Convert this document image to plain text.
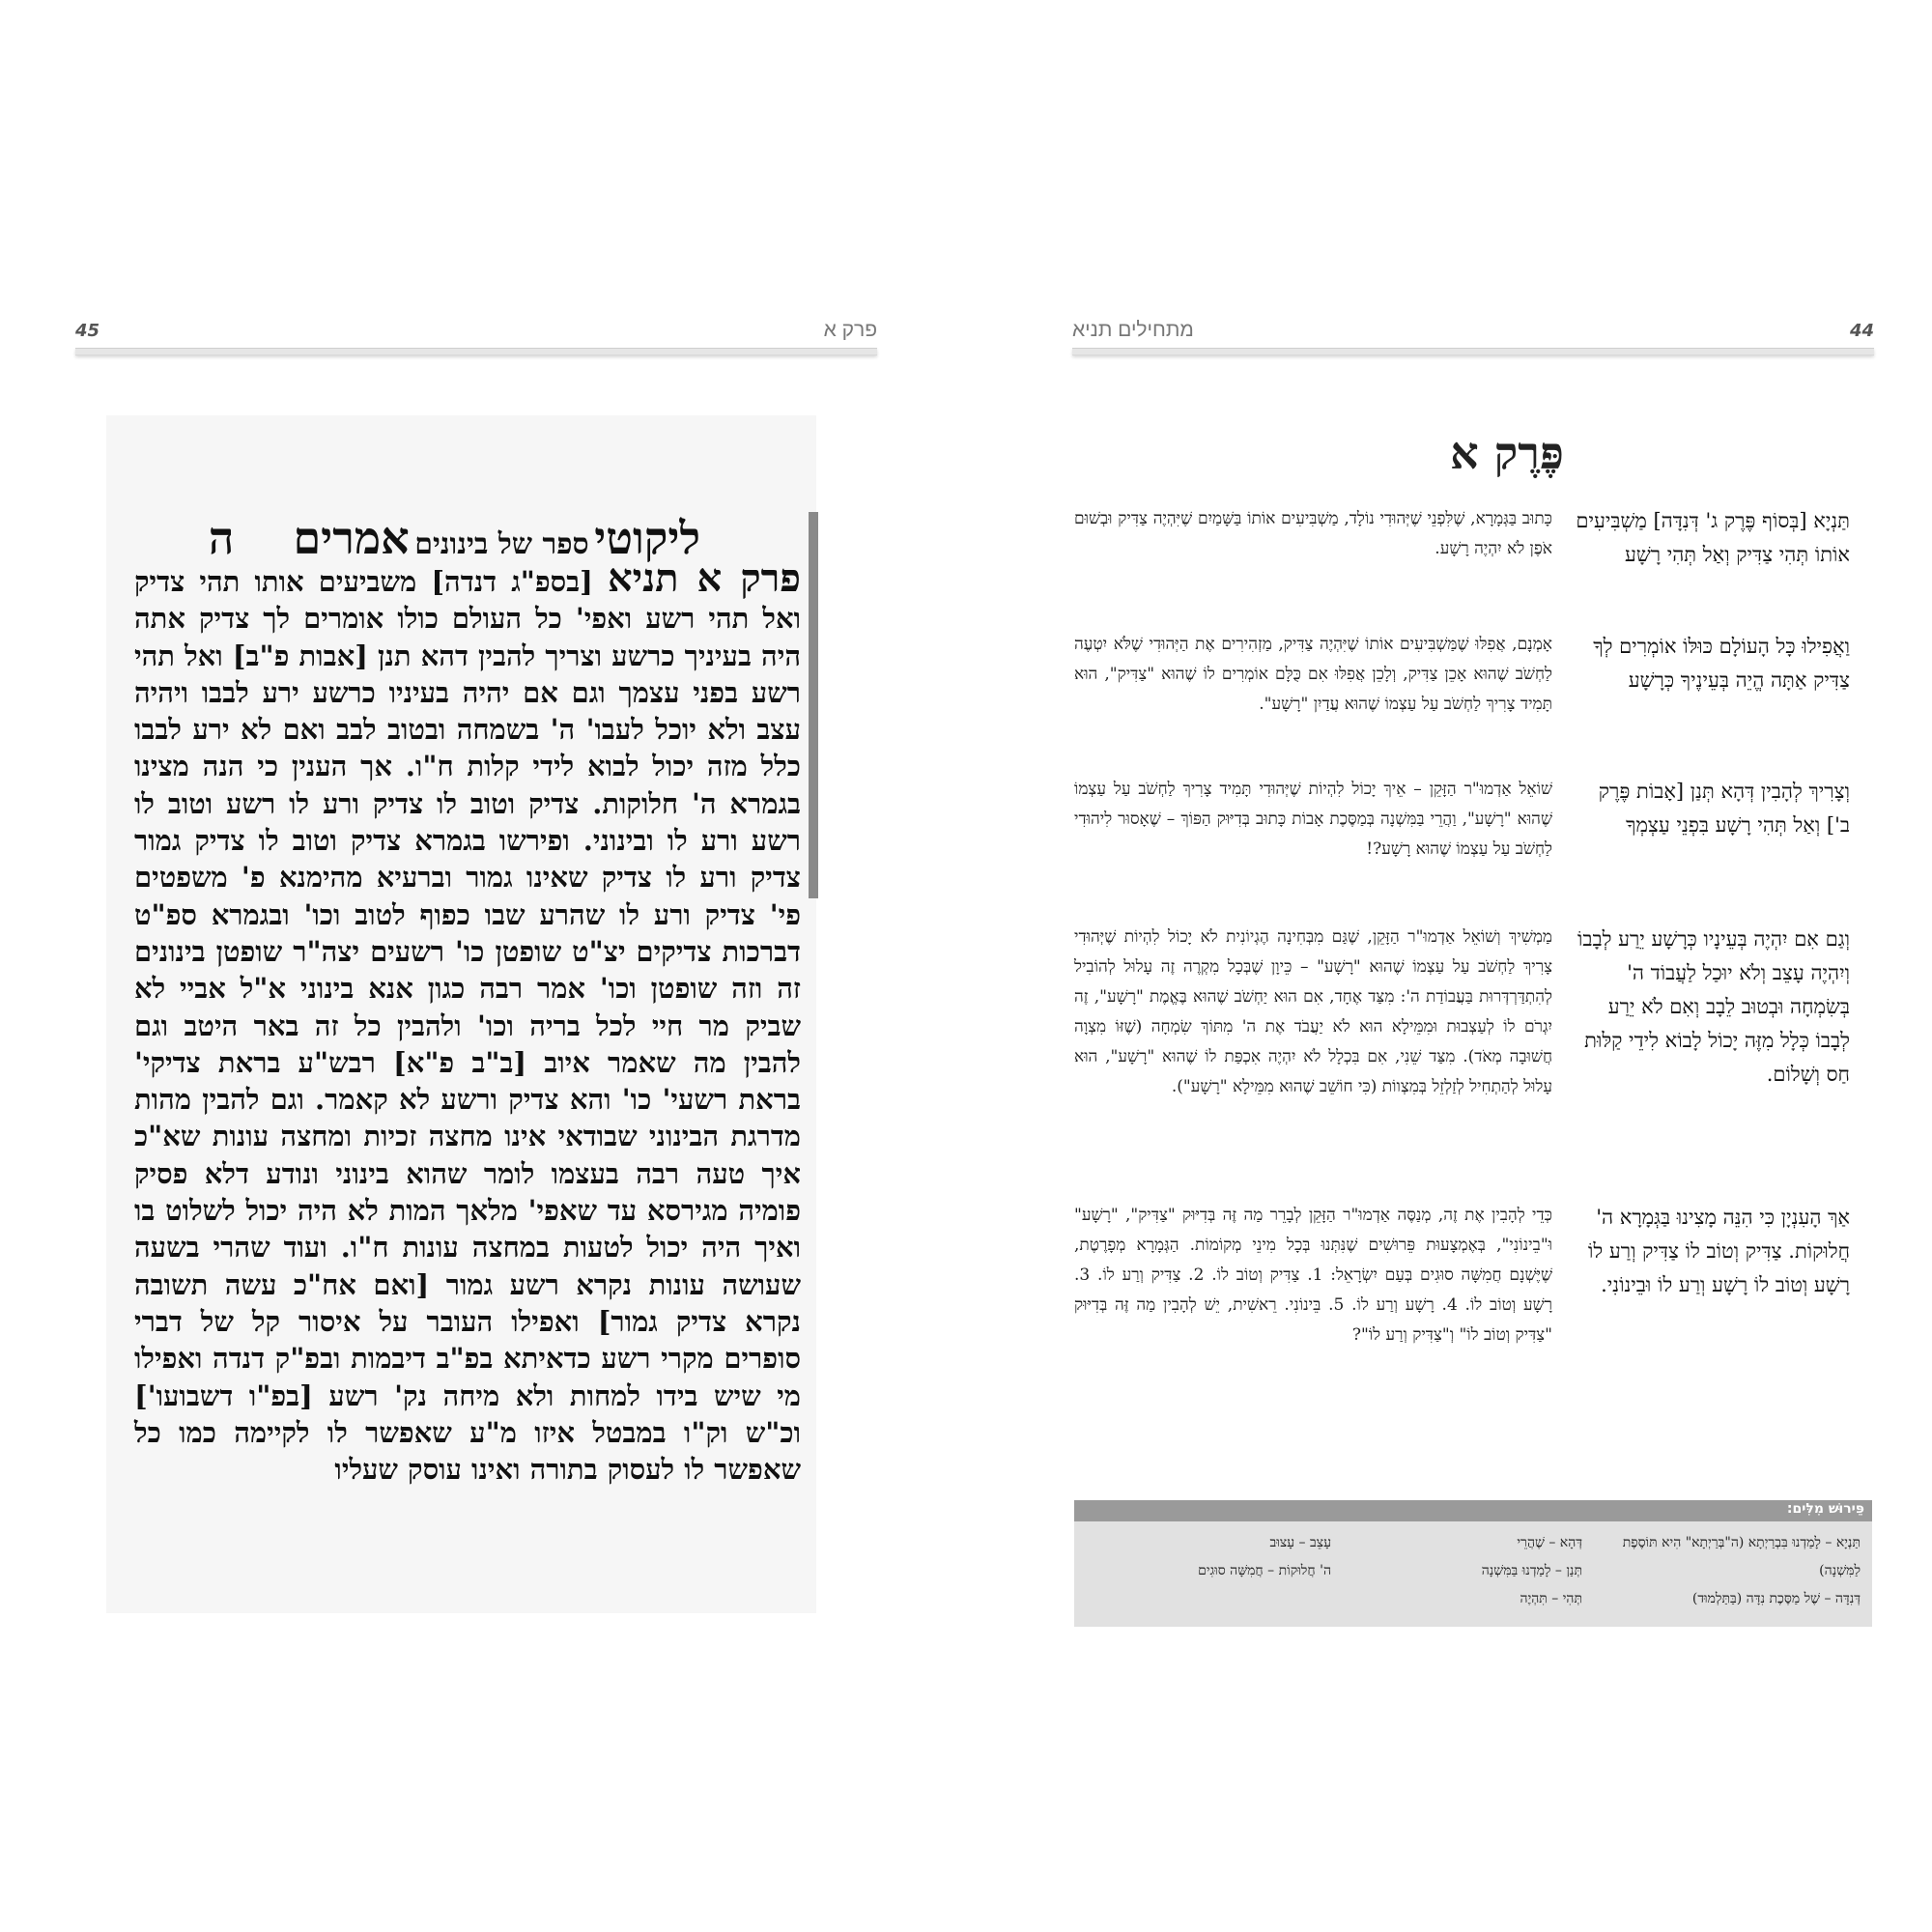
45	פרק א
ליקוטי ספר של בינונים אמרים  ה
פרק א תניא [בספ"ג דנדה] משביעים אותו תהי צדיק ואל תהי רשע ואפי' כל העולם כולו אומרים לך צדיק אתה היה בעיניך כרשע וצריך להבין דהא תנן [אבות פ"ב] ואל תהי רשע בפני עצמך וגם אם יהיה בעיניו כרשע ירע לבבו ויהיה עצב ולא יוכל לעבו' ה' בשמחה ובטוב לבב ואם לא ירע לבבו כלל מזה יכול לבוא לידי קלות ח"ו. אך הענין כי הנה מצינו בגמרא ה' חלוקות. צדיק וטוב לו צדיק ורע לו רשע וטוב לו רשע ורע לו ובינוני. ופירשו בגמרא צדיק וטוב לו צדיק גמור צדיק ורע לו צדיק שאינו גמור וברעיא מהימנא פ' משפטים פי' צדיק ורע לו שהרע שבו כפוף לטוב וכו' ובגמרא ספ"ט דברכות צדיקים יצ"ט שופטן כו' רשעים יצה"ר שופטן בינונים זה וזה שופטן וכו' אמר רבה כגון אנא בינוני א"ל אביי לא שביק מר חיי לכל בריה וכו' ולהבין כל זה באר היטב וגם להבין מה שאמר איוב [ב"ב פ"א] רבש"ע בראת צדיקי' בראת רשעי' כו' והא צדיק ורשע לא קאמר. וגם להבין מהות מדרגת הבינוני שבודאי אינו מחצה זכיות ומחצה עונות שא"כ איך טעה רבה בעצמו לומר שהוא בינוני ונודע דלא פסיק פומיה מגירסא עד שאפי' מלאך המות לא היה יכול לשלוט בו ואיך היה יכול לטעות במחצה עונות ח"ו. ועוד שהרי בשעה שעושה עונות נקרא רשע גמור [ואם אח"כ עשה תשובה נקרא צדיק גמור] ואפילו העובר על איסור קל של דברי סופרים מקרי רשע כדאיתא בפ"ב דיבמות ובפ"ק דנדה ואפילו מי שיש בידו למחות ולא מיחה נק' רשע [בפ"ו דשבועו'] וכ"ש וק"ו במבטל איזו מ"ע שאפשר לו לקיימה כמו כל שאפשר לו לעסוק בתורה ואינו עוסק שעליו
44
מתחילים תניא
פֶּרֶק א
תַּנְיָא [בְּסוֹף פֶּרֶק ג' דְּנִדָּה] מַשְׁבִּיעִים אוֹתוֹ תְּהִי צַדִּיק וְאַל תְּהִי רָשָׁע
כָּתוּב בַּגְּמָרָא, שֶׁלִּפְנֵי שֶׁיְּהוּדִי נוֹלָד, מַשְׁבִּיעִים אוֹתוֹ בַּשָּׁמַיִם שֶׁיִּהְיֶה צַדִּיק וּבְשׁוּם אֹפֶן לֹא יִהְיֶה רָשָׁע.
וַאֲפִילוּ כָּל הָעוֹלָם כּוּלּוֹ אוֹמְרִים לְךָ צַדִּיק אַתָּה הֱיֵה בְּעֵינֶיךָ כְּרָשָׁע
אָמְנָם, אֲפִלּוּ שֶׁמַּשְׁבִּיעִים אוֹתוֹ שֶׁיִּהְיֶה צַדִּיק, מַזְהִירִים אֶת הַיְּהוּדִי שֶׁלֹּא יִטְעֶה לַחְשֹׁב שֶׁהוּא אָכֵן צַדִּיק, וְלָכֵן אֲפִלּוּ אִם כֻּלָּם אוֹמְרִים לוֹ שֶׁהוּא "צַדִּיק", הוּא תָּמִיד צָרִיךְ לַחְשֹׁב עַל עַצְמוֹ שֶׁהוּא עֲדַיִן "רָשָׁע".
וְצָרִיךְ לְהָבִין דְּהָא תְּנַן [אָבוֹת פֶּרֶק ב'] וְאַל תְּהִי רָשָׁע בִּפְנֵי עַצְמְךָ
שׁוֹאֵל אַדְמוּ"ר הַזָּקֵן – אֵיךְ יָכוֹל לִהְיוֹת שֶׁיְּהוּדִי תָּמִיד צָרִיךְ לַחְשֹׁב עַל עַצְמוֹ שֶׁהוּא "רָשָׁע", וַהֲרֵי בַּמִּשְׁנָה בְּמַסֶּכֶת אָבוֹת כָּתוּב בְּדִיּוּק הַפּוֹךְ – שֶׁאָסוּר לִיהוּדִי לַחְשֹׁב עַל עַצְמוֹ שֶׁהוּא רָשָׁע?!
וְגַם אִם יִהְיֶה בְּעֵינָיו כְּרָשָׁע יֵרַע לְבָבוֹ וְיִהְיֶה עָצֵב וְלֹא יוּכַל לַעֲבוֹד ה' בְּשִׂמְחָה וּבְטוּב לֵבָב וְאִם לֹא יֵרַע לְבָבוֹ כְּלָל מִזֶּה יָכוֹל לָבוֹא לִידֵי קַלּוּת חַס וְשָׁלוֹם.
מַמְשִׁיךְ וְשׁוֹאֵל אַדְמוּ"ר הַזָּקֵן, שֶׁגַּם מִבְּחִינָה הֶגְיוֹנִית לֹא יָכוֹל לִהְיוֹת שֶׁיְּהוּדִי צָרִיךְ לַחְשֹׁב עַל עַצְמוֹ שֶׁהוּא "רָשָׁע" – כֵּיוָן שֶׁבְּכָל מִקְרֶה זֶה עָלוּל לְהוֹבִיל לְהִתְדַּרְדְּרוּת בַּעֲבוֹדַת ה': מִצַּד אֶחָד, אִם הוּא יַחְשֹׁב שֶׁהוּא בֶּאֱמֶת "רָשָׁע", זֶה יִגְרֹם לוֹ לְעַצְבוּת וּמִמֵּילָא הוּא לֹא יַעֲבֹד אֶת ה' מִתּוֹךְ שִׂמְחָה (שֶׁזּוֹ מִצְוָה חֲשׁוּבָה מְאֹד). מִצַּד שֵׁנִי, אִם בִּכְלָל לֹא יִהְיֶה אִכְפַּת לוֹ שֶׁהוּא "רָשָׁע", הוּא עָלוּל לְהַתְחִיל לְזַלְזֵל בְּמִצְווֹת (כִּי חוֹשֵׁב שֶׁהוּא מִמֵּילָא "רָשָׁע").
אַךְ הָעִנְיָן כִּי הִנֵּה מָצִינוּ בַּגְּמָרָא ה' חֲלוּקוֹת. צַדִּיק וְטוֹב לוֹ צַדִּיק וְרַע לוֹ רָשָׁע וְטוֹב לוֹ רָשָׁע וְרַע לוֹ וּבֵינוֹנִי.
כְּדֵי לְהָבִין אֶת זֶה, מְנַסֶּה אַדְמוּ"ר הַזָּקֵן לְבָרֵר מַה זֶּה בְּדִיּוּק "צַדִּיק", "רָשָׁע" וּ"בֵינוֹנִי", בְּאֶמְצָעוּת פֵּרוּשִׁים שֶׁנִּתְּנוּ בְּכָל מִינֵי מְקוֹמוֹת. הַגְּמָרָא מְפָרֶטֶת, שֶׁיֶּשְׁנָם חֲמִשָּׁה סוּגִים בְּעַם יִשְׂרָאֵל: 1. צַדִּיק וְטוֹב לוֹ. 2. צַדִּיק וְרַע לוֹ. 3. רָשָׁע וְטוֹב לוֹ. 4. רָשָׁע וְרַע לוֹ. 5. בֵּינוֹנִי. רֵאשִׁית, יֵשׁ לְהָבִין מַה זֶּה בְּדִיּוּק "צַדִּיק וְטוֹב לוֹ" וְ"צַדִּיק וְרַע לוֹ"?
פֵּירוּשׁ מִלִּים:
תַּנְיָא – לָמַדְנוּ בִּבְרַיְתָא (ה"בְּרַיְתָא" הִיא תּוֹסֶפֶת לַמִּשְׁנָה)
דְּנִדָּה – שֶׁל מַסֶּכֶת נִדָּה (בַּתַּלְמוּד)
דְּהָא – שֶׁהֲרֵי
תְּנַן – לָמַדְנוּ בַּמִּשְׁנָה
תְּהִי – תִּהְיֶה
עָצֵב – עָצוּב
ה' חֲלוּקוֹת – חֲמִשָּׁה סוּגִים
